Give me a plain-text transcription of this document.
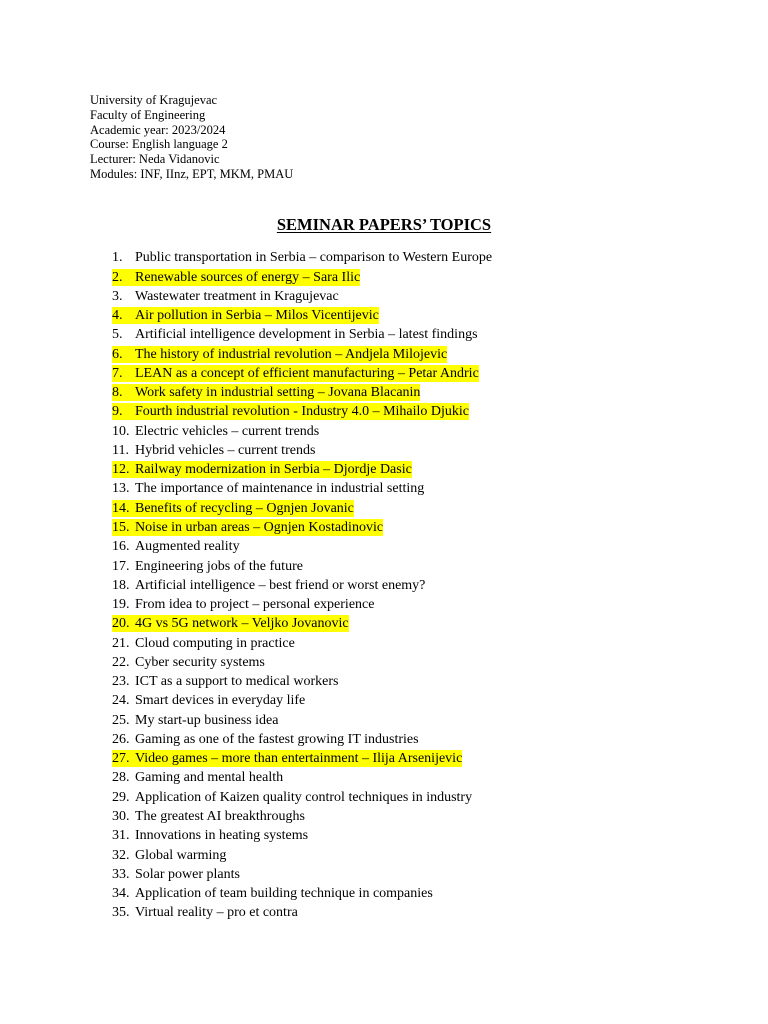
University of Kragujevac
Faculty of Engineering
Academic year: 2023/2024
Course: English language 2
Lecturer: Neda Vidanovic
Modules: INF, IInz, EPT, MKM, PMAU
SEMINAR PAPERS’ TOPICS
1. Public transportation in Serbia – comparison to Western Europe
2. Renewable sources of energy – Sara Ilic
3. Wastewater treatment in Kragujevac
4. Air pollution in Serbia – Milos Vicentijevic
5. Artificial intelligence development in Serbia – latest findings
6. The history of industrial revolution – Andjela Milojevic
7. LEAN as a concept of efficient manufacturing – Petar Andric
8. Work safety in industrial setting – Jovana Blacanin
9. Fourth industrial revolution - Industry 4.0 – Mihailo Djukic
10. Electric vehicles – current trends
11. Hybrid vehicles – current trends
12. Railway modernization in Serbia – Djordje Dasic
13. The importance of maintenance in industrial setting
14. Benefits of recycling – Ognjen Jovanic
15. Noise in urban areas – Ognjen Kostadinovic
16. Augmented reality
17. Engineering jobs of the future
18. Artificial intelligence – best friend or worst enemy?
19. From idea to project – personal experience
20. 4G vs 5G network – Veljko Jovanovic
21. Cloud computing in practice
22. Cyber security systems
23. ICT as a support to medical workers
24. Smart devices in everyday life
25. My start-up business idea
26. Gaming as one of the fastest growing IT industries
27. Video games – more than entertainment – Ilija Arsenijevic
28. Gaming and mental health
29. Application of Kaizen quality control techniques in industry
30. The greatest AI breakthroughs
31. Innovations in heating systems
32. Global warming
33. Solar power plants
34. Application of team building technique in companies
35. Virtual reality – pro et contra
